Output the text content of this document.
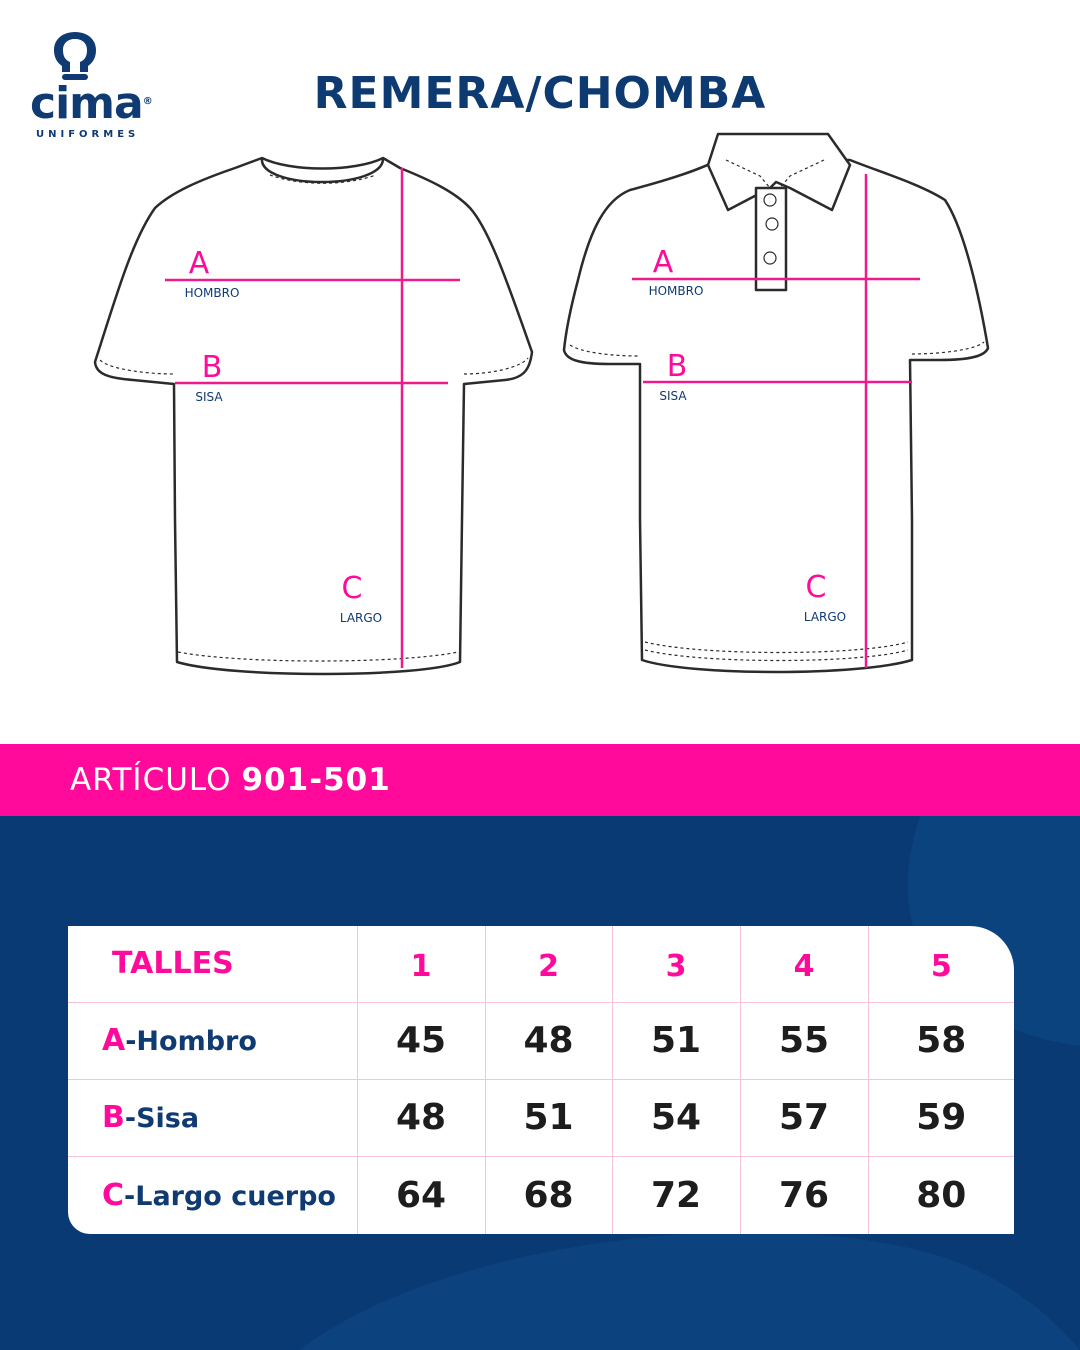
cima®
UNIFORMES
REMERA/CHOMBA
A
HOMBRO
B
SISA
C
LARGO
A
HOMBRO
B
SISA
C
LARGO
ARTÍCULO 901-501
TALLES	1	2	3	4	5
A-Hombro	45	48	51	55	58
B-Sisa	48	51	54	57	59
C-Largo cuerpo	64	68	72	76	80
